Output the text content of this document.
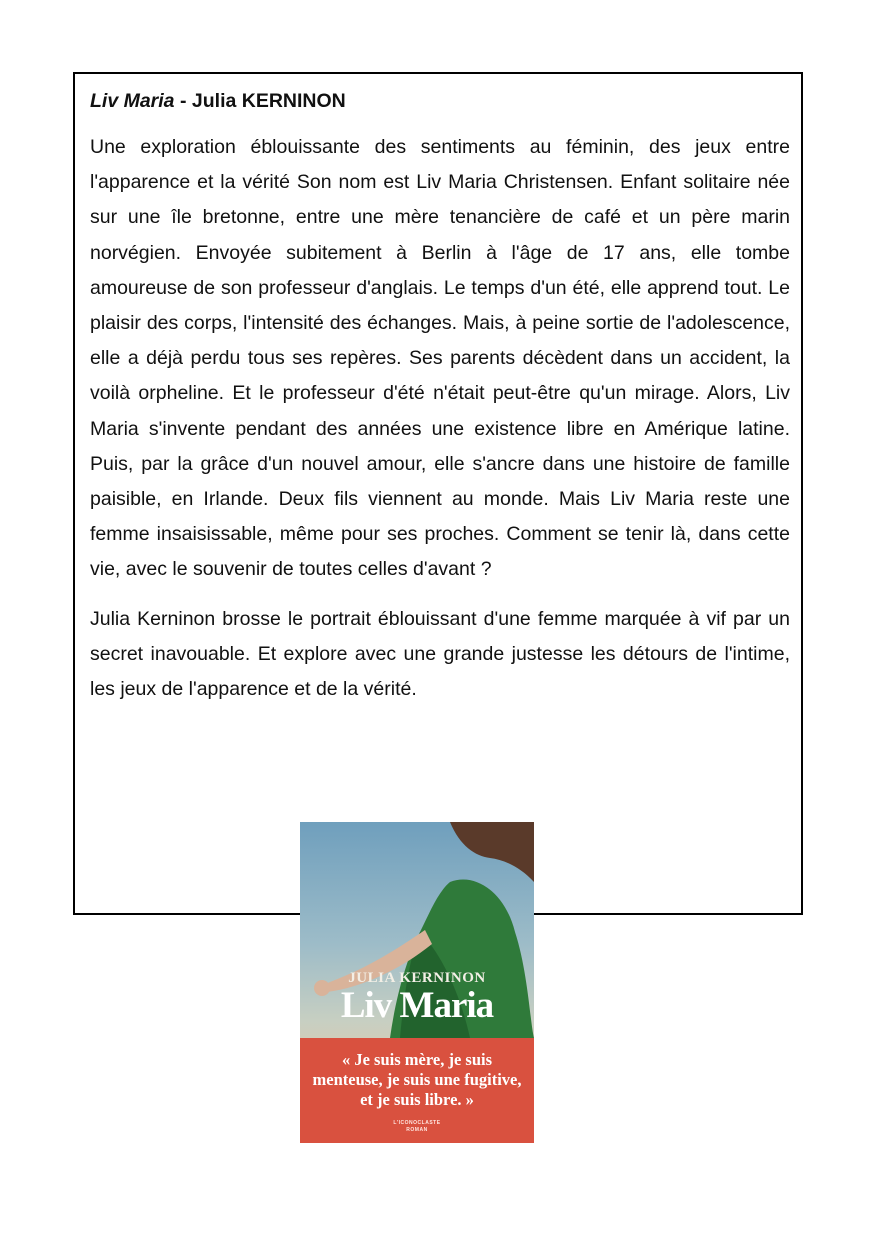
Liv Maria - Julia KERNINON

Une exploration éblouissante des sentiments au féminin, des jeux entre l'apparence et la vérité Son nom est Liv Maria Christensen. Enfant solitaire née sur une île bretonne, entre une mère tenancière de café et un père marin norvégien. Envoyée subitement à Berlin à l'âge de 17 ans, elle tombe amoureuse de son professeur d'anglais. Le temps d'un été, elle apprend tout. Le plaisir des corps, l'intensité des échanges. Mais, à peine sortie de l'adolescence, elle a déjà perdu tous ses repères. Ses parents décèdent dans un accident, la voilà orpheline. Et le professeur d'été n'était peut-être qu'un mirage. Alors, Liv Maria s'invente pendant des années une existence libre en Amérique latine. Puis, par la grâce d'un nouvel amour, elle s'ancre dans une histoire de famille paisible, en Irlande. Deux fils viennent au monde. Mais Liv Maria reste une femme insaisissable, même pour ses proches. Comment se tenir là, dans cette vie, avec le souvenir de toutes celles d'avant ?

Julia Kerninon brosse le portrait éblouissant d'une femme marquée à vif par un secret inavouable. Et explore avec une grande justesse les détours de l'intime, les jeux de l'apparence et de la vérité.

JULIA KERNINON
Liv Maria
« Je suis mère, je suis menteuse, je suis une fugitive, et je suis libre. »
L'ICONOCLASTE
ROMAN
